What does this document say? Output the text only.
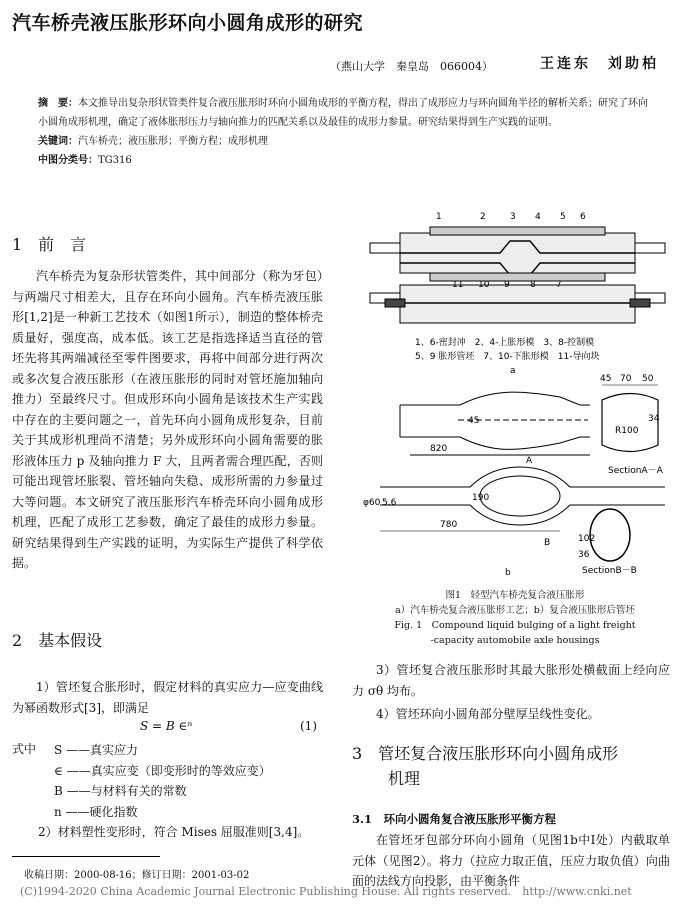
汽车桥壳液压胀形环向小圆角成形的研究
（燕山大学　秦皇岛　066004）	王连东　刘助柏
摘　要：本文推导出复杂形状管类件复合液压胀形时环向小圆角成形的平衡方程，得出了成形应力与环向圆角半径的解析关系；研究了环向小圆角成形机理，确定了液体胀形压力与轴向推力的匹配关系以及最佳的成形力参量。研究结果得到生产实践的证明。
关键词：汽车桥壳；液压胀形；平衡方程；成形机理
中图分类号：TG316
1　前　言
汽车桥壳为复杂形状管类件，其中间部分（称为牙包）与两端尺寸相差大，且存在环向小圆角。汽车桥壳液压胀形[1,2]是一种新工艺技术（如图1所示），制造的整体桥壳质量好，强度高，成本低。该工艺是指选择适当直径的管坯先将其两端减径至零件图要求，再将中间部分进行两次或多次复合液压胀形（在液压胀形的同时对管坯施加轴向推力）至最终尺寸。但成形环向小圆角是该技术生产实践中存在的主要问题之一，首先环向小圆角成形复杂，目前关于其成形机理尚不清楚；另外成形环向小圆角需要的胀形液体压力 p 及轴向推力 F 大，且两者需合理匹配，否则可能出现管坯胀裂、管坯轴向失稳、成形所需的力参量过大等问题。本文研究了液压胀形汽车桥壳环向小圆角成形机理，匹配了成形工艺参数，确定了最佳的成形力参量。研究结果得到生产实践的证明，为实际生产提供了科学依据。
2　基本假设
1）管坯复合胀形时，假定材料的真实应力—应变曲线为幂函数形式[3]，即满足
S = B ∈ⁿ	(1)
式中 S ——真实应力
∈ ——真实应变（即变形时的等效应变）
B ——与材料有关的常数
n ——硬化指数
2）材料塑性变形时，符合 Mises 屈服准则[3,4]。
收稿日期：2000-08-16；修订日期：2001-03-02
1	2	3 4 5 6
11 10 9 8 7
1、6-密封冲　2、4-上胀形模　3、8-控制模
5、9 胀形管坯　7、10-下胀形模　11-导向块
a
45 70 50
34
R100
820
45
SectionA－A
A
φ60 5.6	190
780
102
36
B
SectionB－B
b
图1　轻型汽车桥壳复合液压胀形
a）汽车桥壳复合液压胀形工艺；b）复合液压胀形后管坯
Fig. 1　Compound liquid bulging of a light freight
-capacity automobile axle housings
3）管坯复合液压胀形时其最大胀形处横截面上经向应力 σθ 均布。
4）管坯环向小圆角部分壁厚呈线性变化。
3　管坯复合液压胀形环向小圆角成形
机理
3.1　环向小圆角复合液压胀形平衡方程
在管坯牙包部分环向小圆角（见图1b中Ⅰ处）内截取单元体（见图2）。将力（拉应力取正值，压应力取负值）向曲面的法线方向投影，由平衡条件
(C)1994-2020 China Academic Journal Electronic Publishing House. All rights reserved.　http://www.cnki.net
